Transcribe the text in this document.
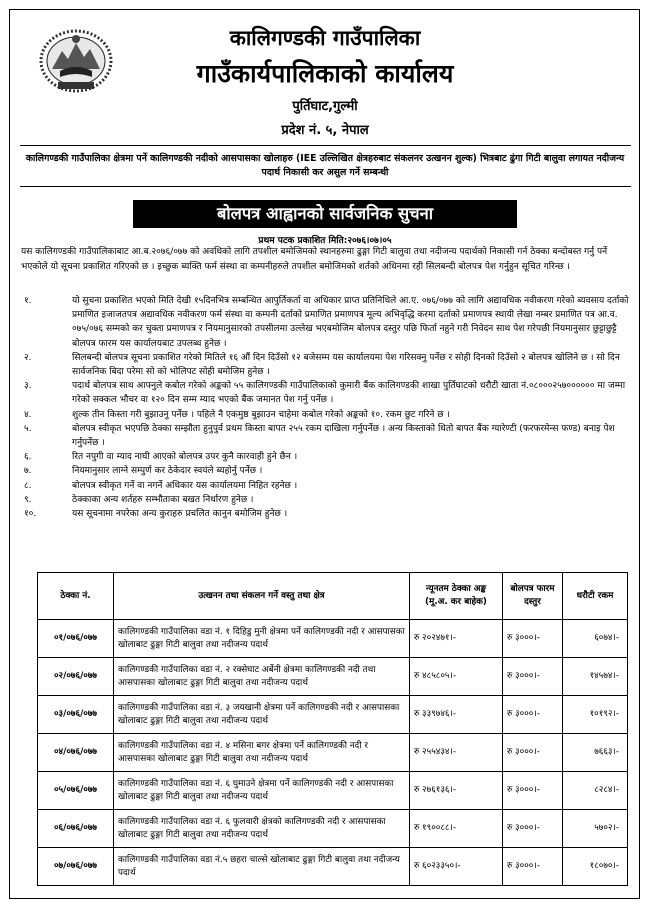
कालिगण्डकी गाउँपालिका
गाउँकार्यपालिकाको कार्यालय
पुर्तिघाट,गुल्मी
प्रदेश नं. ५, नेपाल
कालिगण्डकी गाउँपालिका क्षेत्रमा पर्ने कालिगण्डकी नदीको आसपासका खोलाहरु (IEE उल्लिखित क्षेत्रहरुबाट संकलनर उत्खनन शुल्क) भित्रबाट ढुंगा गिटी बालुवा लगायत नदीजन्य पदार्थ निकासी कर असुल गर्ने सम्बन्धी
बोलपत्र आह्वानको सार्वजनिक सुचना
प्रथम पटक प्रकाशित मिति:२०७६।०७।०५
यस कालिगण्डकी गाउँपालिकाबाट आ.ब.२०७६/०७७ को अवधिको लागि तपशील बमोजिमको स्थानहरुमा ढुङ्गा गिटी बालुवा तथा नदीजन्य पदार्थको निकासी गर्न ठेक्का बन्दोबस्त गर्नु पर्ने भएकोले यो सूचना प्रकाशित गरिएको छ । इच्छुक ब्यक्ति फर्म संस्था वा कम्पनीहरुले तपशील बमोजिमको शर्तको अधिनमा रही सिलबन्दी बोलपत्र पेश गर्नुहुन सूचित गरिन्छ ।
१.	यो सुचना प्रकाशित भएको मिति देखी १५दिनभित्र सम्बन्धित आपुर्तिकर्ता वा अधिकार प्राप्त प्रतिनिधिले आ.ए. ०७६/०७७ को लागि अद्यावधिक नवीकरण गरेको ब्यवसाय दर्ताको प्रमाणित इजाजतपत्र अद्यावधिक नवीकरण फर्म संस्था वा कम्पनी दर्ताको प्रमाणित प्रमाणपत्र मूल्य अभिवृद्धि करमा दर्ताको प्रमाणपत्र स्थायी लेखा नम्बर प्रमाणित पत्र आ.व. ०७५/०७६ सम्मको कर चुक्ता प्रमाणपत्र र नियमानुसारको तपसीलमा उल्लेख भएबमोजिम बोलपत्र दस्तुर पछि फिर्ता नहुने गरी निवेदन साथ पेश गरेपछी नियमानुसार छुट्टाछुट्टै बोलपत्र फारम यस कार्यालयबाट उपलब्ध हुनेछ ।
२.	सिलबन्दी बोलपत्र सूचना प्रकाशित गरेको मितिले १६ औं दिन दिउँसो १२ बजेसम्म यस कार्यालयमा पेश गरिसक्नु पर्नेछ र सोही दिनको दिउँसो २ बोलपत्र खोलिने छ । सो दिन सार्वजनिक बिदा परेमा सो को भोलिपट सोही बमोजिम हुनेछ ।
३.	पदार्थ बोलपत्र साथ आफ्नुले कबोल गरेको अङ्कको ५५ कालिगण्डकी गाउँपालिकाको कुमारी बैंक कालिगण्डकी शाखा पुर्तिघाटको धरौटी खाता नं.०८०००२५७०००००० मा जम्मा गरेको सक्कल भौचर वा १२० दिन सम्म म्याद भएको बैंक जमानत पेश गर्नु पर्नेछ ।
४.	शुल्क तीन किस्ता गरी बुझाउनु पर्नेछ । पहिले नै एकमुष्ठ बुझाउन चाहेमा कबोल गरेको अङ्कको १०. रकम छुट गरिने छ ।
५.	बोलपत्र स्वीकृत भएपछि ठेक्का सम्झौता हुनुपुर्व प्रथम किस्ता बापत २५५ रकम दाखिला गर्नुपर्नेछ । अन्य किस्ताको धितो बापत बैंक ग्यारेण्टी (फरफरमेन्स फण्ड) बनाइ पेश गर्नुपर्नेछ ।
६.	रित नपुगी वा म्याद नाघी आएको बोलपत्र उपर कुनै कारवाही हुने छैन ।
७.	नियमानुसार लाग्ने सम्पुर्ण कर ठेकेदार स्वयंले ब्यहोर्नु पर्नेछ ।
८.	बोलपत्र स्वीकृत गर्ने वा नगर्ने अधिकार यस कार्यालयमा निहित रहनेछ ।
९.	ठेक्काका अन्य शर्तहरु सम्भौताका बखत निर्धारण हुनेछ ।
१०.	यस सूचनामा नपरेका अन्य कुराहरु प्रचलित कानुन बमोजिम हुनेछ ।
ठेक्का नं.	उत्खनन तथा संकलन गर्ने वस्तु तथा क्षेत्र	न्यूनतम ठेक्का अङ्क (मू.अ. कर बाहेक)	बोलपत्र फारम दस्तुर	धरौटी रकम
०१/०७६/०७७	कालिगण्डकी गाउँपालिका वडा नं. १ दिहिडु मुनी क्षेत्रमा पर्ने कालिगण्डकी नदी र आसपासका खोलाबाट ढुङ्गा गिटी बालुवा तथा नदीजन्य पदार्थ	रु २०२४७१।-	रु ३०००।-	६०७४।-
०२/०७६/०७७	कालिगण्डकी गाउँपालिका वडा नं. २ रक्सेघाट अर्बेनी क्षेत्रमा कालिगण्डकी नदी तथा आसपासका खोलाबाट ढुङ्गा गिटी बालुवा तथा नदीजन्य पदार्थ	रु ४८५८०५।-	रु ३०००।-	१४५७४।-
०३/०७६/०७७	कालिगण्डकी गाउँपालिका वडा नं. ३ जयखानी क्षेत्रमा पर्ने कालिगण्डकी नदी र आसपासका खोलाबाट ढुङ्गा गिटी बालुवा तथा नदीजन्य पदार्थ	रु ३३९७४६।-	रु ३०००।-	१०१९२।-
०४/०७६/०७७	कालिगण्डकी गाउँपालिका वडा नं. ४ मसिना बगर क्षेत्रमा पर्ने कालिगण्डकी नदी र आसपासका खोलाबाट ढुङ्गा गिटी बालुवा तथा नदीजन्य पदार्थ	रु २५५४३४।-	रु ३०००।-	७६६३।-
०५/०७६/०७७	कालिगण्डकी गाउँपालिका वडा नं. ६ घुमाउने क्षेत्रमा पर्ने कालिगण्डकी नदी र आसपासका खोलाबाट ढुङ्गा गिटी बालुवा तथा नदीजन्य पदार्थ	रु २७६१३६।-	रु ३०००।-	८२८४।-
०६/०७६/०७७	कालिगण्डकी गाउँपालिका वडा नं. ६ फुलवारी क्षेत्रको कालिगण्डकी नदी र आसपासका खोलाबाट ढुङ्गा गिटी बालुवा तथा नदीजन्य पदार्थ	रु १९००८८।-	रु ३०००।-	५७०२।-
०७/०७६/०७७	कालिगण्डकी गाउँपालिका वडा नं.५ छहरा चाल्से खोलाबाट ढुङ्गा गिटी बालुवा तथा नदीजन्य पदार्थ	रु ६०२३३५०।-	रु ३०००।-	१८०७०।-
